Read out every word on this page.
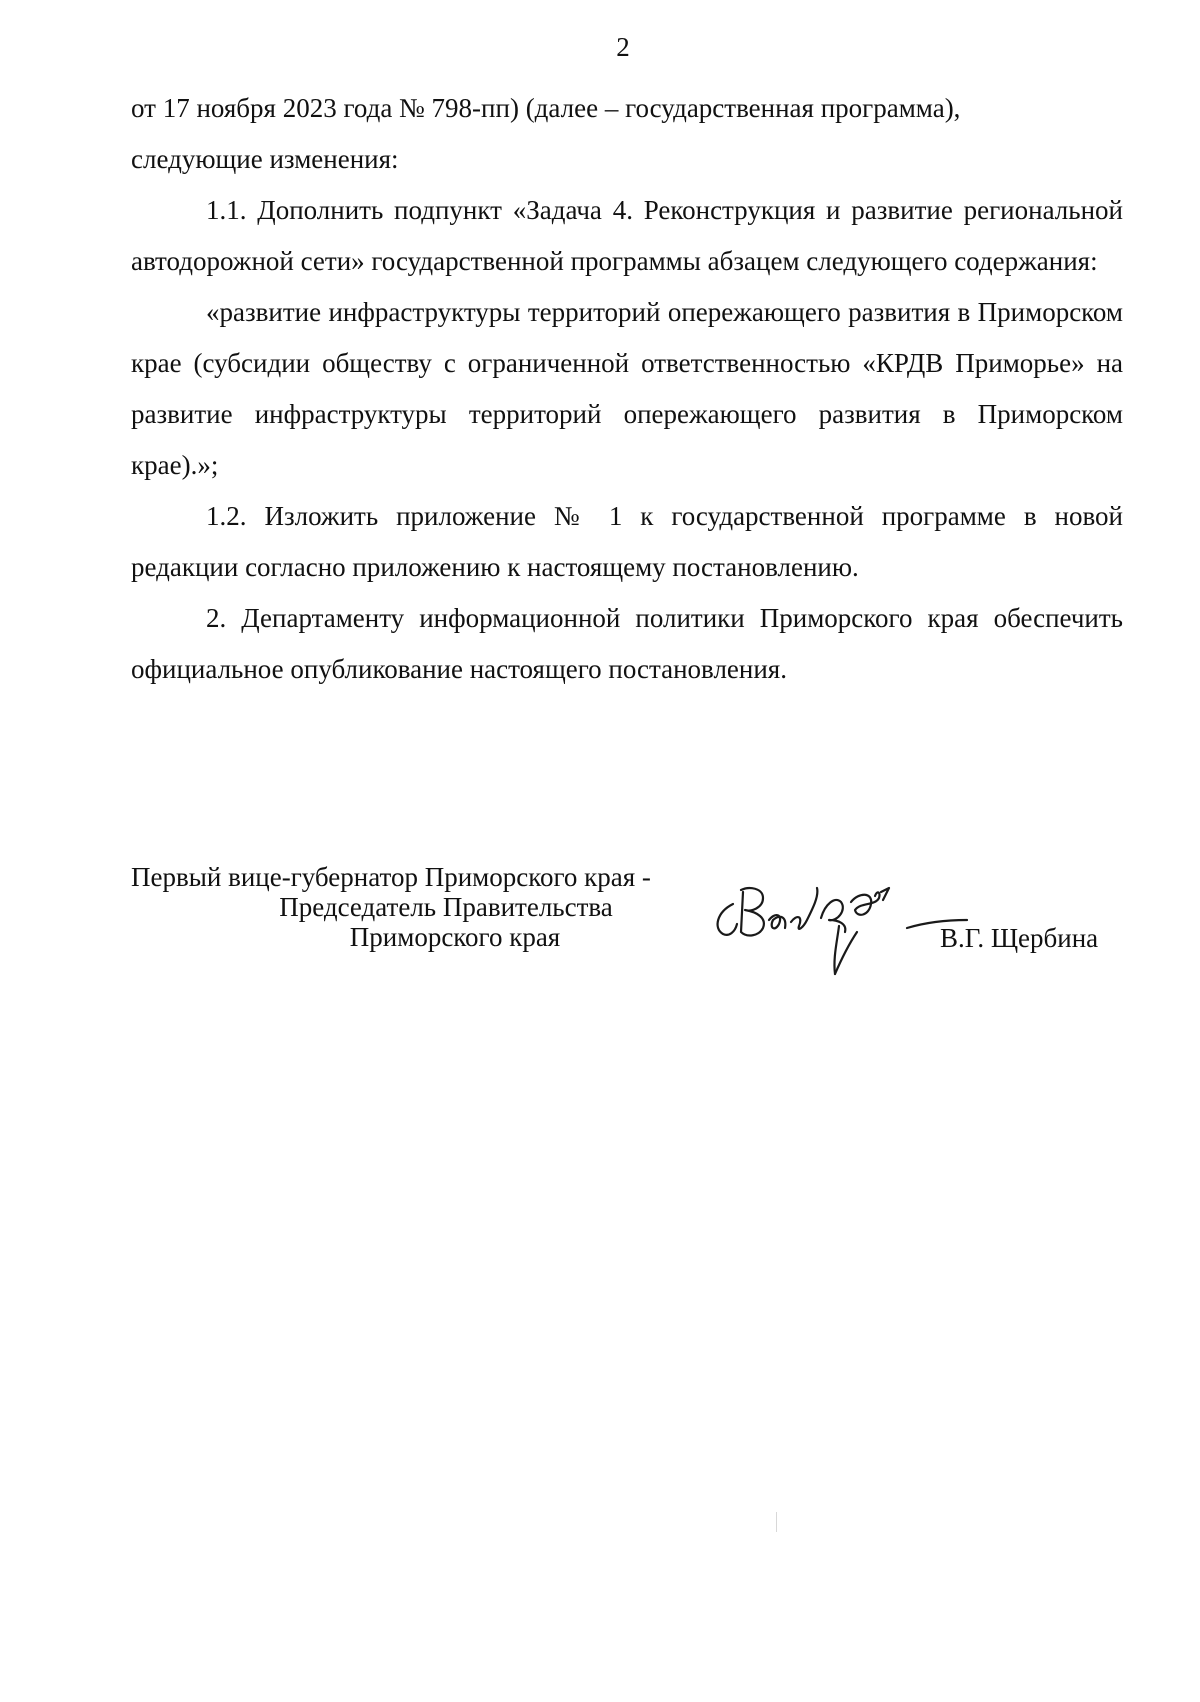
2

от 17 ноября 2023 года № 798-пп) (далее – государственная программа),
следующие изменения:

1.1. Дополнить подпункт «Задача 4. Реконструкция и развитие региональной автодорожной сети» государственной программы абзацем следующего содержания:

«развитие инфраструктуры территорий опережающего развития в Приморском крае (субсидии обществу с ограниченной ответственностью «КРДВ Приморье» на развитие инфраструктуры территорий опережающего развития в Приморском крае).»;

1.2. Изложить приложение № 1 к государственной программе в новой редакции согласно приложению к настоящему постановлению.

2. Департаменту информационной политики Приморского края обеспечить официальное опубликование настоящего постановления.

Первый вице-губернатор Приморского края -
Председатель Правительства
Приморского края	В.Г. Щербина
